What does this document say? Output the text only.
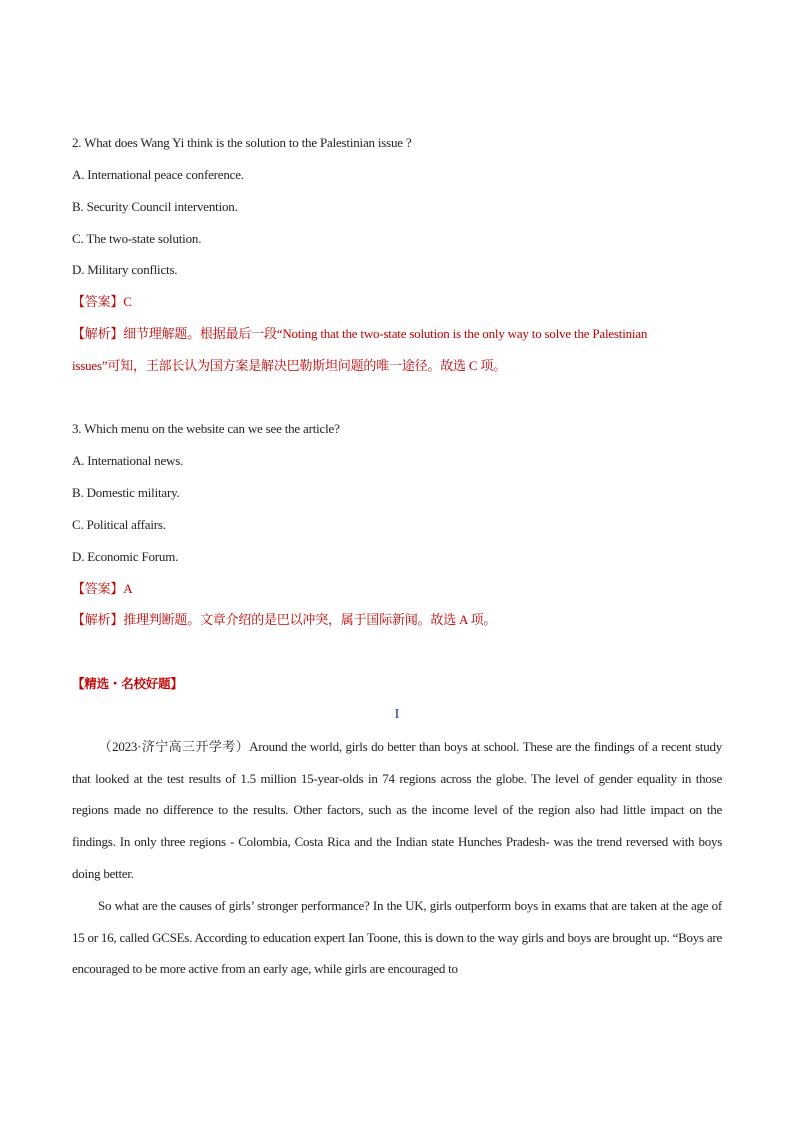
2. What does Wang Yi think is the solution to the Palestinian issue ?
A. International peace conference.
B. Security Council intervention.
C. The two-state solution.
D. Military conflicts.
【答案】C
【解析】细节理解题。根据最后一段“Noting that the two-state solution is the only way to solve the Palestinian
issues”可知，王部长认为国方案是解决巴勒斯坦问题的唯一途径。故选 C 项。
3. Which menu on the website can we see the article?
A. International news.
B. Domestic military.
C. Political affairs.
D. Economic Forum.
【答案】A
【解析】推理判断题。文章介绍的是巴以冲突，属于国际新闻。故选 A 项。
【精选・名校好题】
I
（2023·济宁高三开学考）Around the world, girls do better than boys at school. These are the findings of a recent study that looked at the test results of 1.5 million 15-year-olds in 74 regions across the globe. The level of gender equality in those regions made no difference to the results. Other factors, such as the income level of the region also had little impact on the findings. In only three regions - Colombia, Costa Rica and the Indian state Hunches Pradesh- was the trend reversed with boys doing better.
So what are the causes of girls’ stronger performance? In the UK, girls outperform boys in exams that are taken at the age of 15 or 16, called GCSEs. According to education expert Ian Toone, this is down to the way girls and boys are brought up. “Boys are encouraged to be more active from an early age, while girls are encouraged to
